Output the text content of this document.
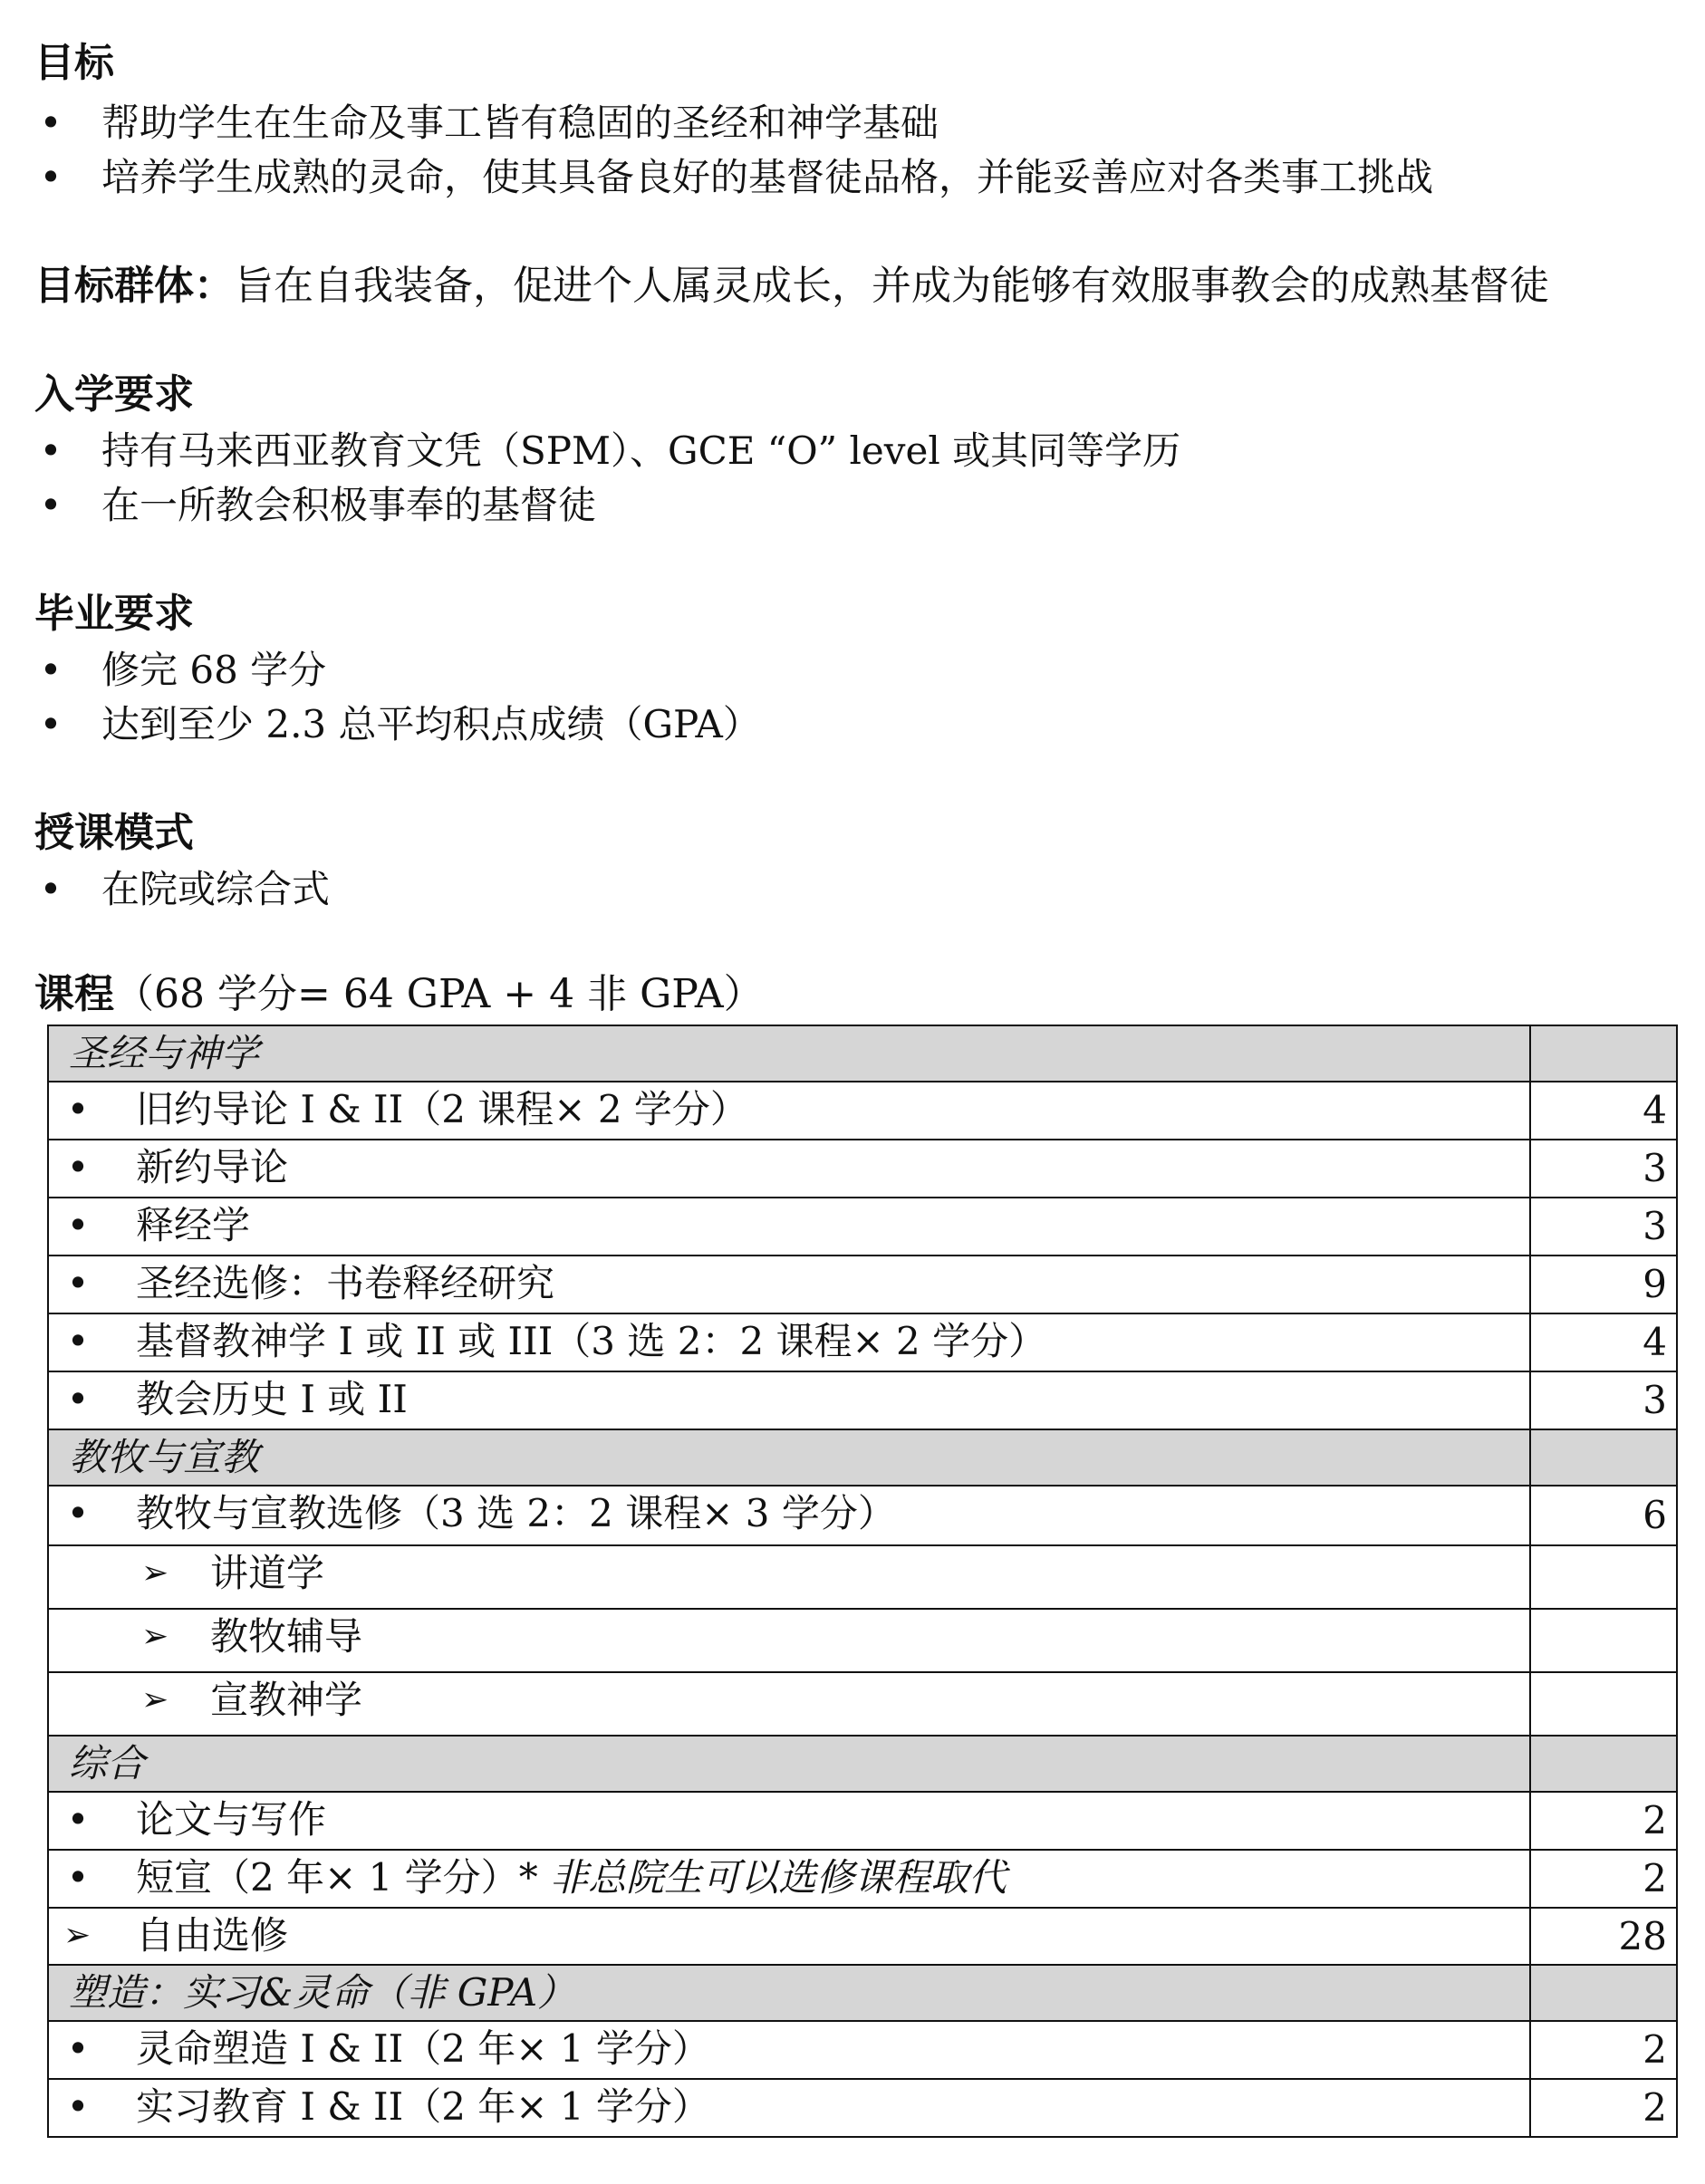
目标
• 帮助学生在生命及事工皆有稳固的圣经和神学基础
• 培养学生成熟的灵命，使其具备良好的基督徒品格，并能妥善应对各类事工挑战
目标群体：旨在自我装备，促进个人属灵成长，并成为能够有效服事教会的成熟基督徒
入学要求
• 持有马来西亚教育文凭（SPM）、GCE “O” level 或其同等学历
• 在一所教会积极事奉的基督徒
毕业要求
• 修完 68 学分
• 达到至少 2.3 总平均积点成绩（GPA）
授课模式
• 在院或综合式
课程（68 学分= 64 GPA + 4 非 GPA）
圣经与神学	

• 旧约导论 I & II（2 课程× 2 学分）	4

• 新约导论	3

• 释经学	3

• 圣经选修：书卷释经研究	9

• 基督教神学 I 或 II 或 III（3 选 2：2 课程× 2 学分）	4

• 教会历史 I 或 II	3
教牧与宣教	

• 教牧与宣教选修（3 选 2：2 课程× 3 学分）	6

➢ 讲道学	

➢ 教牧辅导	

➢ 宣教神学	

综合	

• 论文与写作	2

• 短宣（2 年× 1 学分）* 非总院生可以选修课程取代	2

➢ 自由选修	28
塑造：实习&灵命（非 GPA）	

• 灵命塑造 I & II（2 年× 1 学分）	2

• 实习教育 I & II（2 年× 1 学分）	2
